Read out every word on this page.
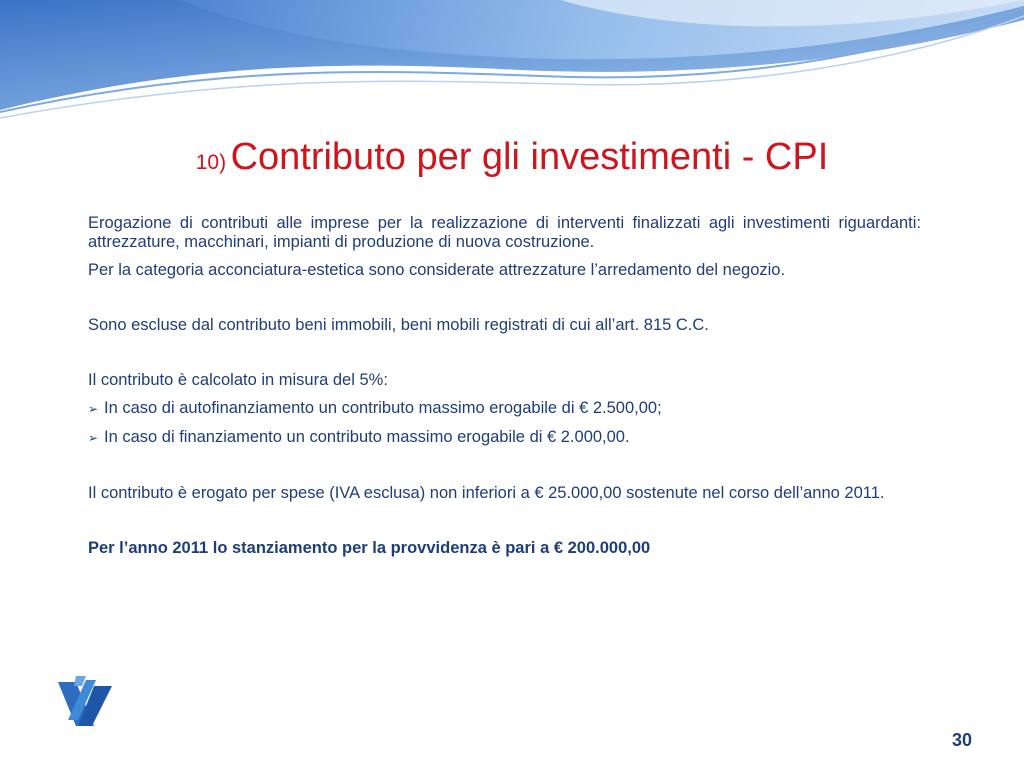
10) Contributo per gli investimenti - CPI

Erogazione di contributi alle imprese per la realizzazione di interventi finalizzati agli investimenti riguardanti: attrezzature, macchinari, impianti di produzione di nuova costruzione.

Per la categoria acconciatura-estetica sono considerate attrezzature l’arredamento del negozio.

Sono escluse dal contributo beni immobili, beni mobili registrati di cui all’art. 815 C.C.

Il contributo è calcolato in misura del 5%:

➢ In caso di autofinanziamento un contributo massimo erogabile di € 2.500,00;
➢ In caso di finanziamento un contributo massimo erogabile di € 2.000,00.

Il contributo è erogato per spese (IVA esclusa) non inferiori a € 25.000,00 sostenute nel corso dell’anno 2011.

Per l’anno 2011 lo stanziamento per la provvidenza è pari a € 200.000,00

30
